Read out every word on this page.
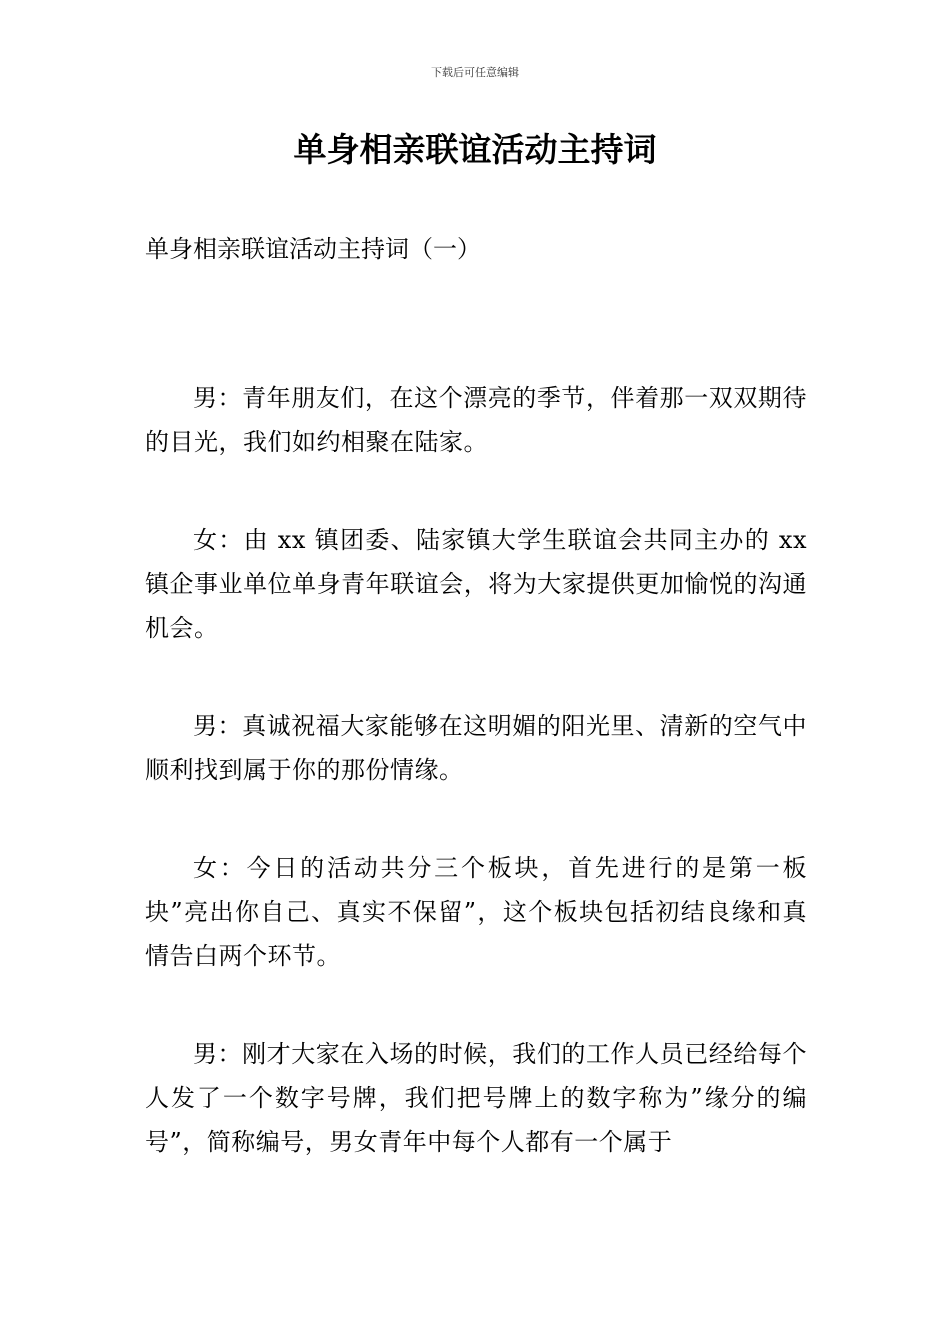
下载后可任意编辑
单身相亲联谊活动主持词
单身相亲联谊活动主持词（一）

男：青年朋友们，在这个漂亮的季节，伴着那一双双期待的目光，我们如约相聚在陆家。

女：由 xx 镇团委、陆家镇大学生联谊会共同主办的 xx 镇企事业单位单身青年联谊会，将为大家提供更加愉悦的沟通机会。

男：真诚祝福大家能够在这明媚的阳光里、清新的空气中顺利找到属于你的那份情缘。

女：今日的活动共分三个板块，首先进行的是第一板块”亮出你自己、真实不保留”，这个板块包括初结良缘和真情告白两个环节。

男：刚才大家在入场的时候，我们的工作人员已经给每个人发了一个数字号牌，我们把号牌上的数字称为”缘分的编号”，简称编号，男女青年中每个人都有一个属于
